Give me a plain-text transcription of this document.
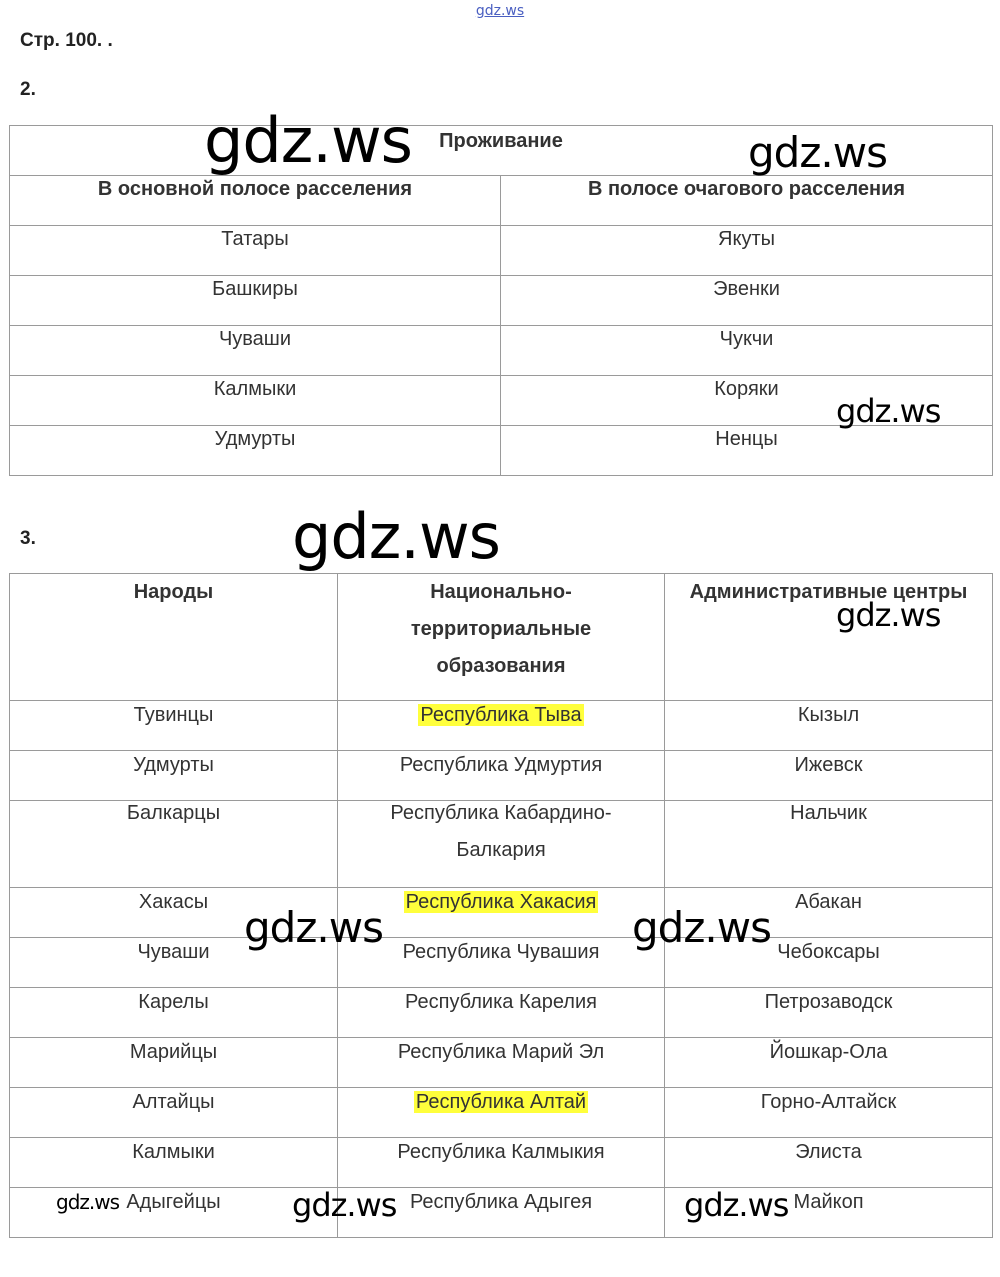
gdz.ws
Стр. 100. .
2.
Проживание	

В основной полосе расселения	В полосе очагового расселения

Татары	Якуты

Башкиры	Эвенки

Чуваши	Чукчи

Калмыки	Коряки

Удмурты	Ненцы
3.
Народы	Национально-
территориальные
образования	Административные центры

Тувинцы	Республика Тыва	Кызыл

Удмурты	Республика Удмуртия	Ижевск

Балкарцы	Республика Кабардино-
Балкария	Нальчик

Хакасы	Республика Хакасия	Абакан

Чуваши	Республика Чувашия	Чебоксары

Карелы	Республика Карелия	Петрозаводск

Марийцы	Республика Марий Эл	Йошкар-Ола

Алтайцы	Республика Алтай	Горно-Алтайск

Калмыки	Республика Калмыкия	Элиста

Адыгейцы	Республика Адыгея	Майкоп
gdz.ws	gdz.ws
gdz.ws
gdz.ws
gdz.ws
gdz.ws	gdz.ws
gdz.ws	gdz.ws	gdz.ws
